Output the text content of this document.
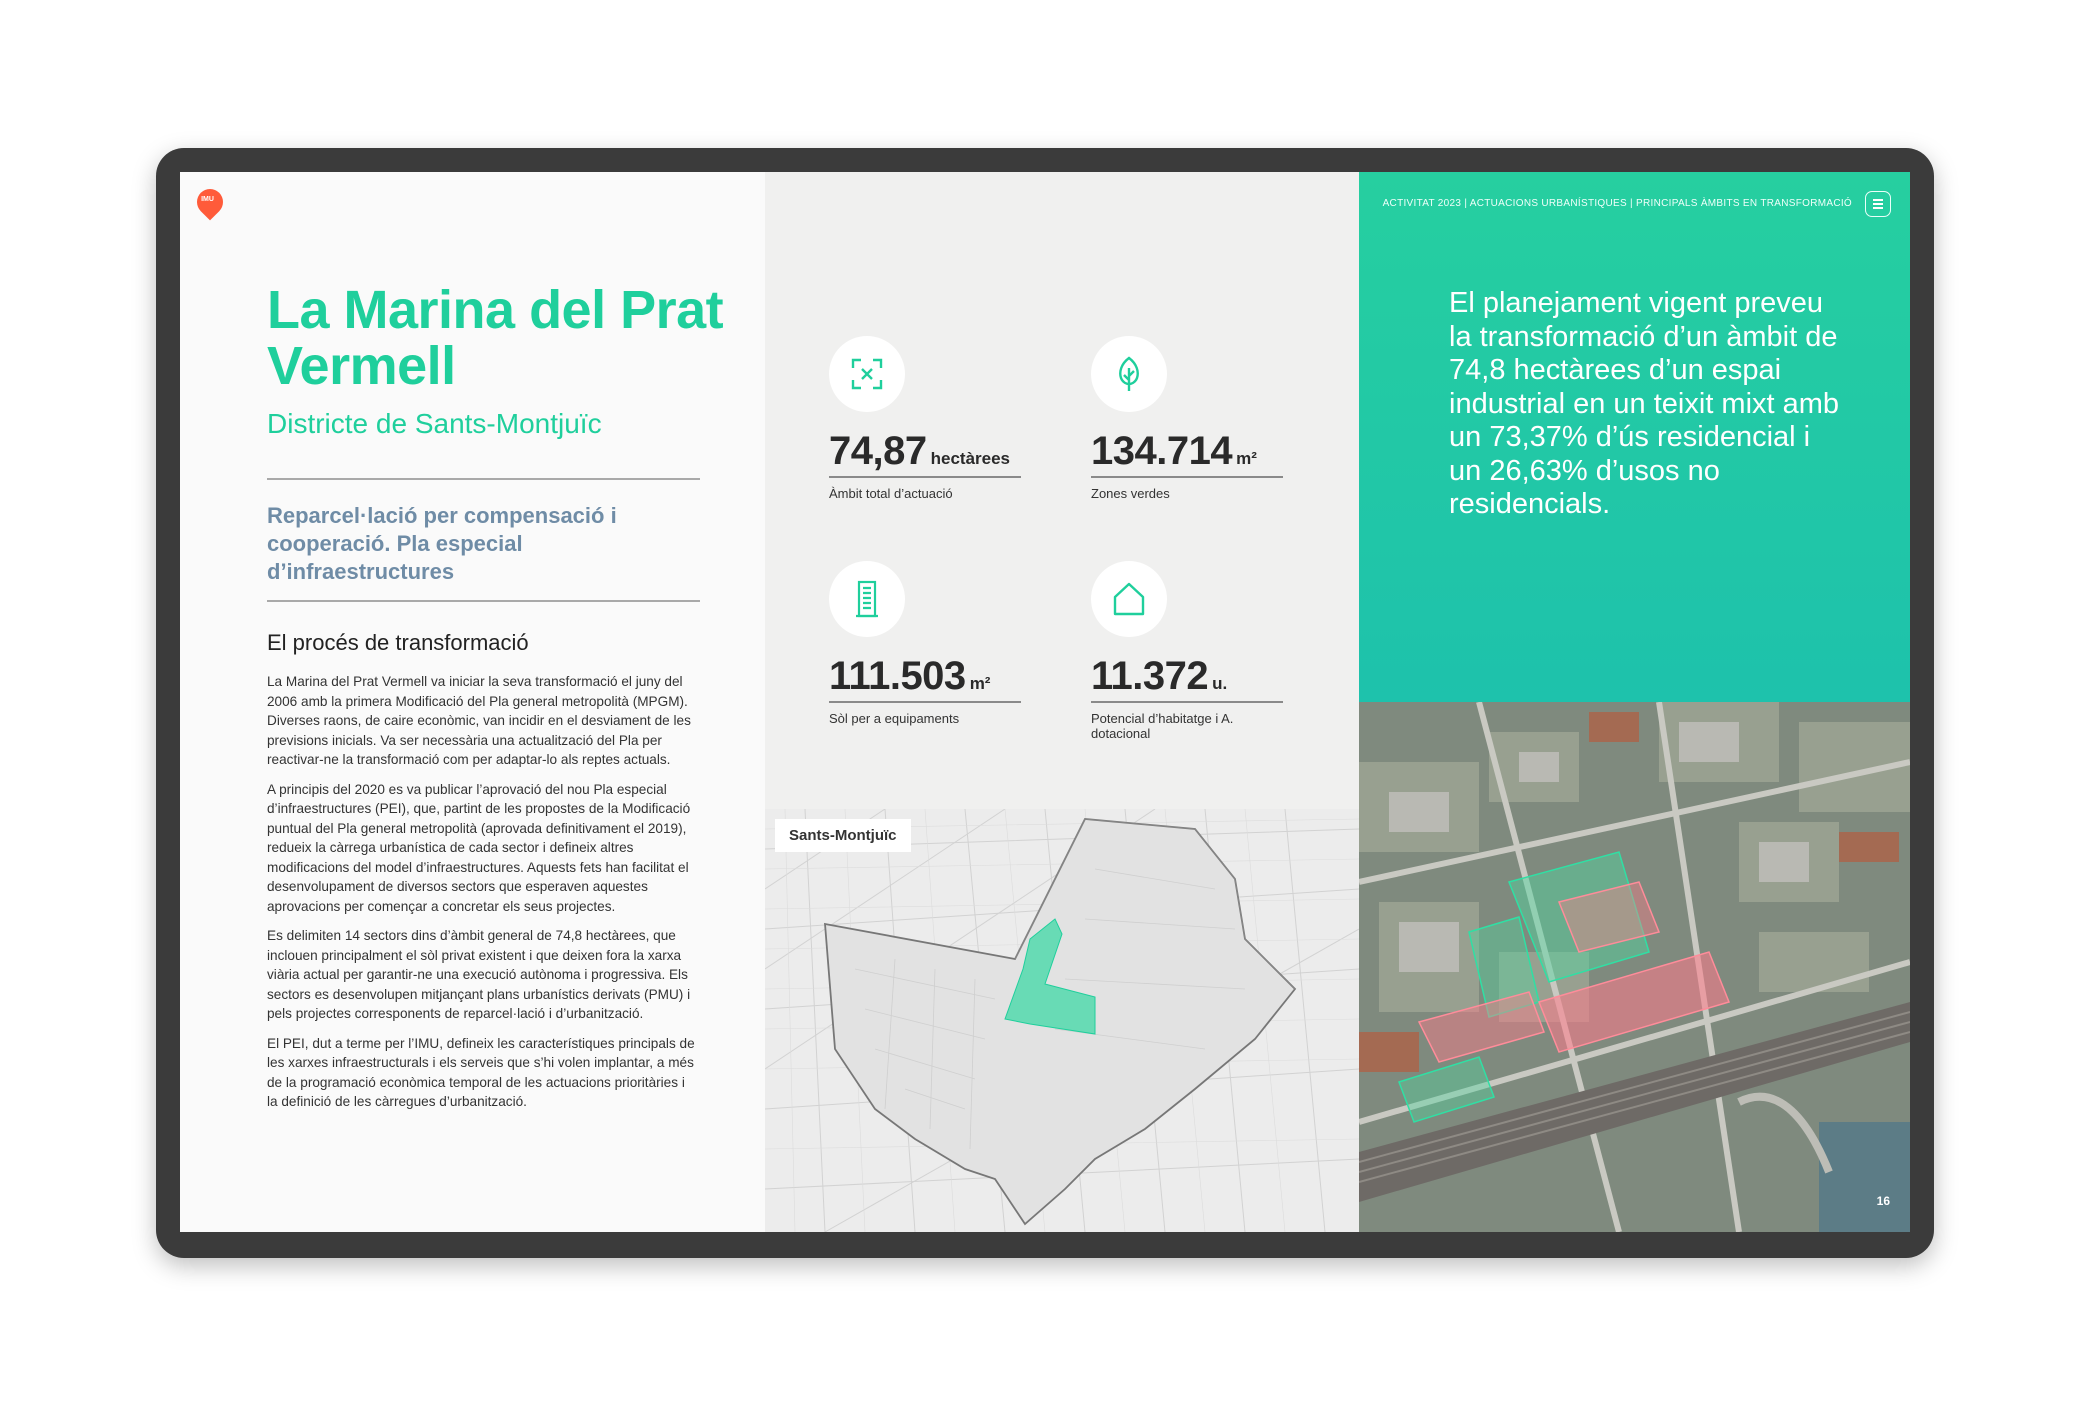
IMU
La Marina del Prat Vermell
Districte de Sants-Montjuïc
Reparcel·lació per compensació i cooperació. Pla especial d’infraestructures
El procés de transformació

La Marina del Prat Vermell va iniciar la seva transformació el juny del 2006 amb la primera Modificació del Pla general metropolità (MPGM). Diverses raons, de caire econòmic, van incidir en el desviament de les previsions inicials. Va ser necessària una actualització del Pla per reactivar-ne la transformació com per adaptar-lo als reptes actuals.

A principis del 2020 es va publicar l’aprovació del nou Pla especial d’infraestructures (PEI), que, partint de les propostes de la Modificació puntual del Pla general metropolità (aprovada definitivament el 2019), redueix la càrrega urbanística de cada sector i defineix altres modificacions del model d’infraestructures. Aquests fets han facilitat el desenvolupament de diversos sectors que esperaven aquestes aprovacions per començar a concretar els seus projectes.

Es delimiten 14 sectors dins d’àmbit general de 74,8 hectàrees, que inclouen principalment el sòl privat existent i que deixen fora la xarxa viària actual per garantir-ne una execució autònoma i progressiva. Els sectors es desenvolupen mitjançant plans urbanístics derivats (PMU) i pels projectes corresponents de reparcel·lació i d’urbanització.

El PEI, dut a terme per l’IMU, defineix les característiques principals de les xarxes infraestructurals i els serveis que s’hi volen implantar, a més de la programació econòmica temporal de les actuacions prioritàries i la definició de les càrregues d’urbanització.

74,87 hectàrees
Àmbit total d’actuació
134.714 m²
Zones verdes
111.503 m²
Sòl per a equipaments
11.372 u.
Potencial d’habitatge i A. dotacional
Sants-Montjuïc
ACTIVITAT 2023 | ACTUACIONS URBANÍSTIQUES | PRINCIPALS ÀMBITS EN TRANSFORMACIÓ
El planejament vigent preveu la transformació d’un àmbit de 74,8 hectàrees d’un espai industrial en un teixit mixt amb un 73,37% d’ús residencial i un 26,63% d’usos no residencials.
16
